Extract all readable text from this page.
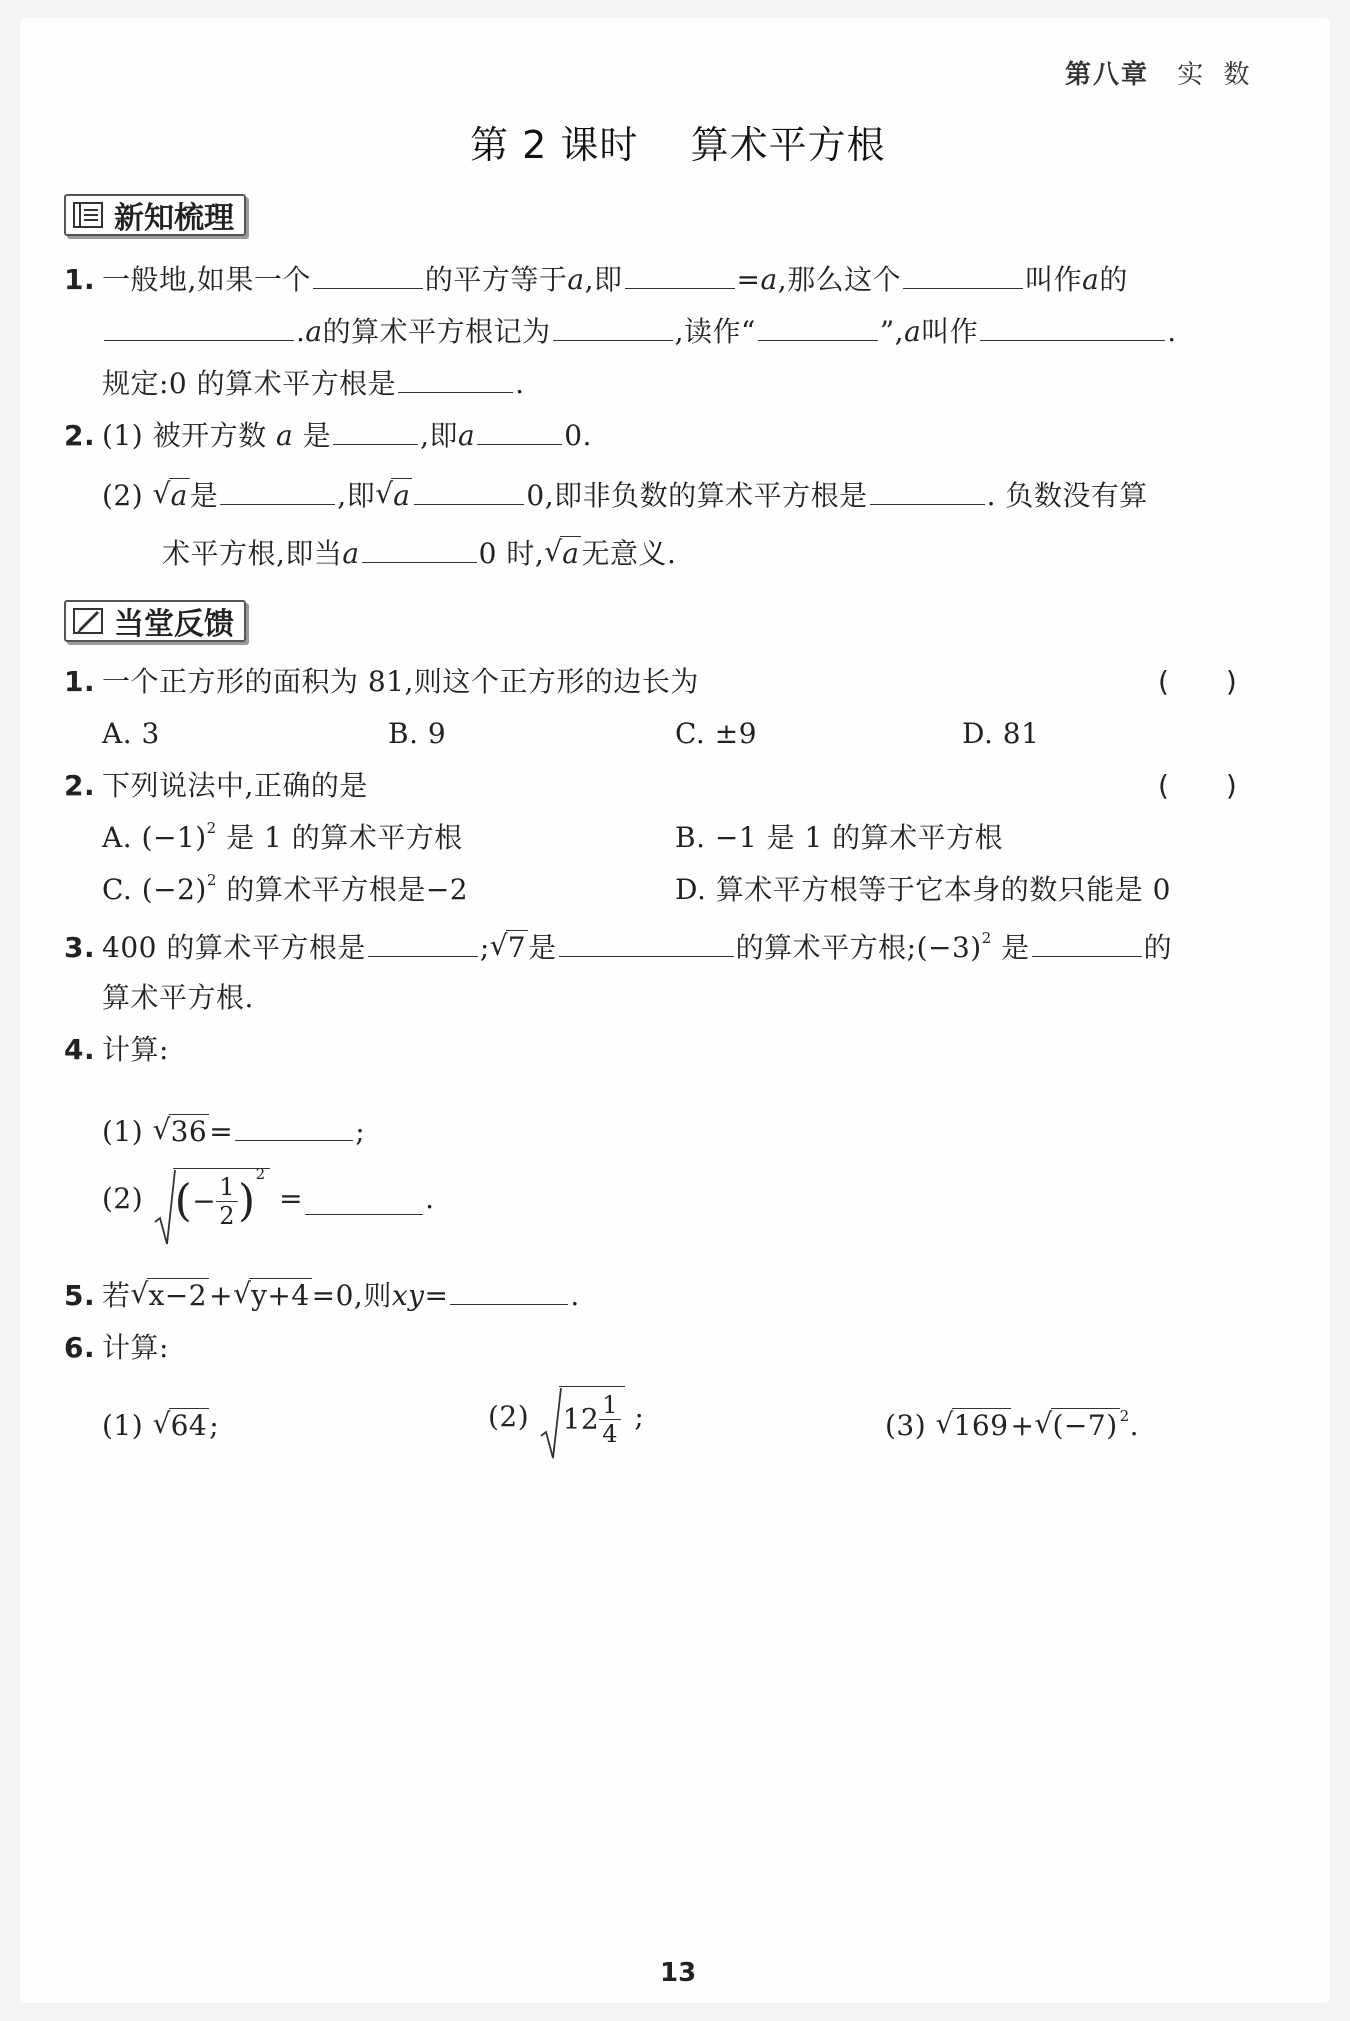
第八章 实 数
第 2 课时    算术平方根
新知梳理
1. 一般地,如果一个	的平方等于a,即	=a,那么这个	叫作a的
.a的算术平方根记为	,读作“	”,a叫作	.
规定:0 的算术平方根是	.
2. (1) 被开方数 a 是	,即a	0.
(2) √ a是	,即 √ a	0,即非负数的算术平方根是	. 负数没有算
术平方根,即当a	0 时, √ a无意义.
当堂反馈
1. 一个正方形的面积为 81,则这个正方形的边长为	(      )
A. 3	B. 9	C. ±9	D. 81
2. 下列说法中,正确的是	(      )
A. $(-1)^2$ 是 1 的算术平方根	B. −1 是 1 的算术平方根
C. $(-2)^2$ 的算术平方根是−2	D. 算术平方根等于它本身的数只能是 0
3. 400 的算术平方根是	; √ 7是	的算术平方根$;(-3)^2$ 是	的
算术平方根.
4. 计算:
(1) √ 36=	;
(2) (− $\frac{1}{2} )^2$ =	.
5. 若 √ x−2+ √ y+4=0,则xy=	.
6. 计算:
(1) √ 64;	(2) $12 \frac{1}{4}$ ;	(3) √ 169+ √ (−7) $^2$.
13
